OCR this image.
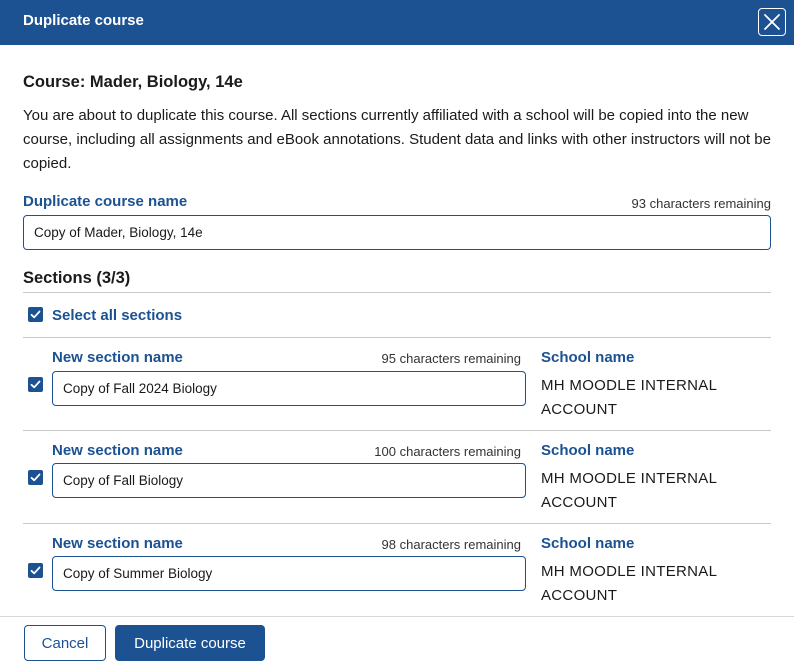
Duplicate course
Course: Mader, Biology, 14e
You are about to duplicate this course. All sections currently affiliated with a school will be copied into the new course, including all assignments and eBook annotations. Student data and links with other instructors will not be copied.
Duplicate course name	93 characters remaining
Copy of Mader, Biology, 14e
Sections (3/3)
Select all sections
New section name	95 characters remaining School name
Copy of Fall 2024 Biology
MH MOODLE INTERNAL ACCOUNT
New section name	100 characters remaining School name
Copy of Fall Biology
MH MOODLE INTERNAL ACCOUNT
New section name	98 characters remaining School name
Copy of Summer Biology
MH MOODLE INTERNAL ACCOUNT
Cancel	Duplicate course
